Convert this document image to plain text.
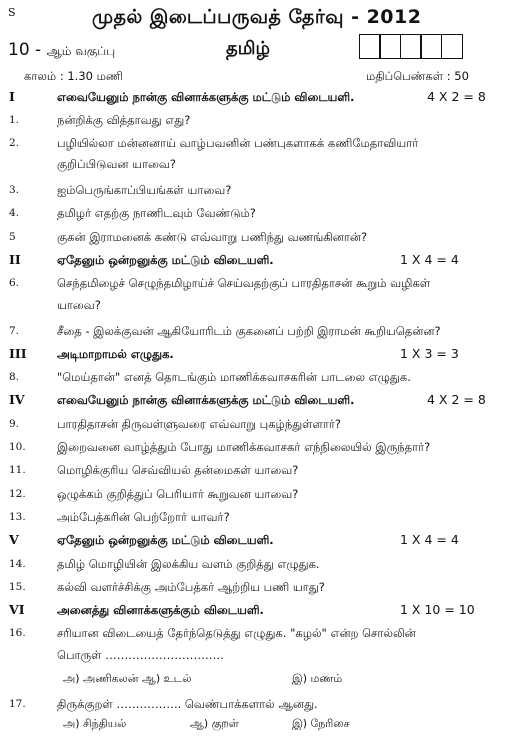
S	முதல் இடைப்பருவத் தேர்வு - 2012
10 - ஆம் வகுப்பு	தமிழ்
காலம் : 1.30 மணி	மதிப்பெண்கள் : 50
I	எவையேனும் நான்கு வினாக்களுக்கு மட்டும் விடையளி.	4 X 2 = 8
1.	நன்றிக்கு வித்தாவது எது?
2.	பழியில்லா மன்னனாய் வாழ்பவனின் பண்புகளாகக் கணிமேதாவியார்
குறிப்பிடுவன யாவை?
3.	ஐம்பெருங்காப்பியங்கள் யாவை?
4.	தமிழர் எதற்கு நாணிடவும் வேண்டும்?
5	குகன் இராமனைக் கண்டு எவ்வாறு பணிந்து வணங்கினான்?
II	ஏதேனும் ஒன்றனுக்கு மட்டும் விடையளி.	1 X 4 = 4
6.	செந்தமிழைச் செழுந்தமிழாய்ச் செய்வதற்குப் பாரதிதாசன் கூறும் வழிகள்
யாவை?
7.	சீதை - இலக்குவன் ஆகியோரிடம் குகனைப் பற்றி இராமன் கூறியதென்ன?
III	அடிமாறாமல் எழுதுக.	1 X 3 = 3
8.	"மெய்தான்" எனத் தொடங்கும் மாணிக்கவாசகரின் பாடலை எழுதுக.
IV	எவையேனும் நான்கு வினாக்களுக்கு மட்டும் விடையளி.	4 X 2 = 8
9.	பாரதிதாசன் திருவள்ளுவரை எவ்வாறு புகழ்ந்துள்ளார்?
10.	இறைவனை வாழ்த்தும் போது மாணிக்கவாசகர் எந்நிலையில் இருந்தார்?
11.	மொழிக்குரிய செவ்வியல் தன்மைகள் யாவை?
12.	ஒழுக்கம் குறித்துப் பெரியார் கூறுவன யாவை?
13.	அம்பேத்கரின் பெற்றோர் யாவர்?
V	ஏதேனும் ஒன்றனுக்கு மட்டும் விடையளி.	1 X 4 = 4
14.	தமிழ் மொழியின் இலக்கிய வளம் குறித்து எழுதுக.
15.	கல்வி வளர்ச்சிக்கு அம்பேத்கர் ஆற்றிய பணி யாது?
VI	அனைத்து வினாக்களுக்கும் விடையளி.	1 X 10 = 10
16.	சரியான விடையைத் தேர்ந்தெடுத்து எழுதுக. "கழல்" என்ற சொல்லின்
பொருள் ………………………….
அ) அணிகலன் ஆ) உடல்	இ) மணம்
17.	திருக்குறள் …………….. வெண்பாக்களால் ஆனது.
அ) சிந்தியல்	ஆ) குறள்	இ) நேரிசை
